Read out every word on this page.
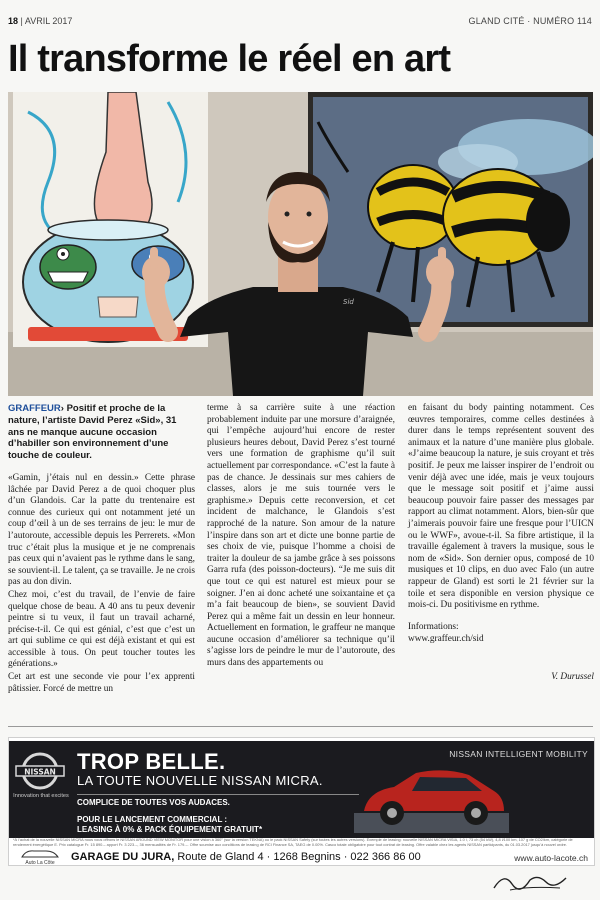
18 | AVRIL 2017	GLAND CITÉ · NUMÉRO 114
Il transforme le réel en art
Sid

GRAFFEUR› Positif et proche de la nature, l’artiste David Perez «Sid», 31 ans ne manque aucune occasion d’habiller son environnement d’une touche de couleur.

«Gamin, j’étais nul en dessin.» Cette phrase lâchée par David Perez a de quoi choquer plus d’un Glandois. Car la patte du trentenaire est connue des curieux qui ont notamment jeté un coup d’œil à un de ses terrains de jeu: le mur de l’autoroute, accessible depuis les Perrerets. «Mon truc c’était plus la musique et je ne comprenais pas ceux qui n’avaient pas le rythme dans le sang, se souvient-il. Le talent, ça se travaille. Je ne crois pas au don divin.

Chez moi, c’est du travail, de l’envie de faire quelque chose de beau. A 40 ans tu peux devenir peintre si tu veux, il faut un travail acharné, précise-t-il. Ce qui est génial, c’est que c’est un art qui sublime ce qui est déjà existant et qui est accessible à tous. On peut toucher toutes les générations.»

Cet art est une seconde vie pour l’ex apprenti pâtissier. Forcé de mettre un

terme à sa carrière suite à une réaction probablement induite par une morsure d’araignée, qui l’empêche aujourd’hui encore de rester plusieurs heures debout, David Perez s’est tourné vers une formation de graphisme qu’il suit actuellement par correspondance. «C’est la faute à pas de chance. Je dessinais sur mes cahiers de classes, alors je me suis tournée vers le graphisme.» Depuis cette reconversion, et cet incident de malchance, le Glandois s’est rapproché de la nature. Son amour de la nature l’inspire dans son art et dicte une bonne partie de ses choix de vie, puisque l’homme a choisi de traiter la douleur de sa jambe grâce à ses poissons Garra rufa (des poisson-docteurs). “Je me suis dit que tout ce qui est naturel est mieux pour se soigner. J’en ai donc acheté une soixantaine et ça m’a fait beaucoup de bien», se souvient David Perez qui a même fait un dessin en leur honneur. Actuellement en formation, le graffeur ne manque aucune occasion d’améliorer sa technique qu’il s’agisse lors de peindre le mur de l’autoroute, des murs dans des appartements ou

en faisant du body painting notamment. Ces œuvres temporaires, comme celles destinées à durer dans le temps représentent souvent des animaux et la nature d’une manière plus globale. «J’aime beaucoup la nature, je suis croyant et très positif. Je peux me laisser inspirer de l’endroit ou venir déjà avec une idée, mais je veux toujours que le message soit positif et j’aime aussi beaucoup pouvoir faire passer des messages par rapport au climat notamment. Alors, bien-sûr que j’aimerais pouvoir faire une fresque pour l’UICN ou le WWF», avoue-t-il. Sa fibre artistique, il la travaille également à travers la musique, sous le nom de «Sid». Son dernier opus, composé de 10 musiques et 10 clips, en duo avec Falo (un autre rappeur de Gland) est sorti le 21 février sur la toile et sera disponible en version physique ce mois-ci. Du positivisme en rythme.

Informations:

www.graffeur.ch/sid

V. Durussel

NISSAN
Innovation that excites
TROP BELLE.
LA TOUTE NOUVELLE NISSAN MICRA.
COMPLICE DE TOUTES VOS AUDACES.
POUR LE LANCEMENT COMMERCIAL :
LEASING À 0% & PACK ÉQUIPEMENT GRATUIT*
NISSAN INTELLIGENT MOBILITY
*À l’achat de la nouvelle NISSAN MICRA nous vous offrons le NISSAN AROUND VIEW MONITOR pour une vision à 360° (sur la version TEKNA) ou le pack NISSAN Safety (sur toutes les autres versions). Exemple de leasing: nouvelle NISSAN MICRA VISIA, 1.0 l, 73 ch (54 kW), 4,8 l/100 km, 107 g de CO2/km, catégorie de rendement énergétique E. Prix catalogue Fr. 15 890.– apport Fr. 3 223.–, 36 mensualités de Fr. 179.–. Offre soumise aux conditions de leasing de RCI Finance SA, TAEG de 0.00%. Casco totale obligatoire pour tout contrat de leasing. Offre valable chez les agents NISSAN participants, du 01.03.2017 jusqu’à nouvel ordre.
Auto La Côte	GARAGE DU JURA, Route de Gland 4 · 1268 Begnins · 022 366 86 00	www.auto-lacote.ch
